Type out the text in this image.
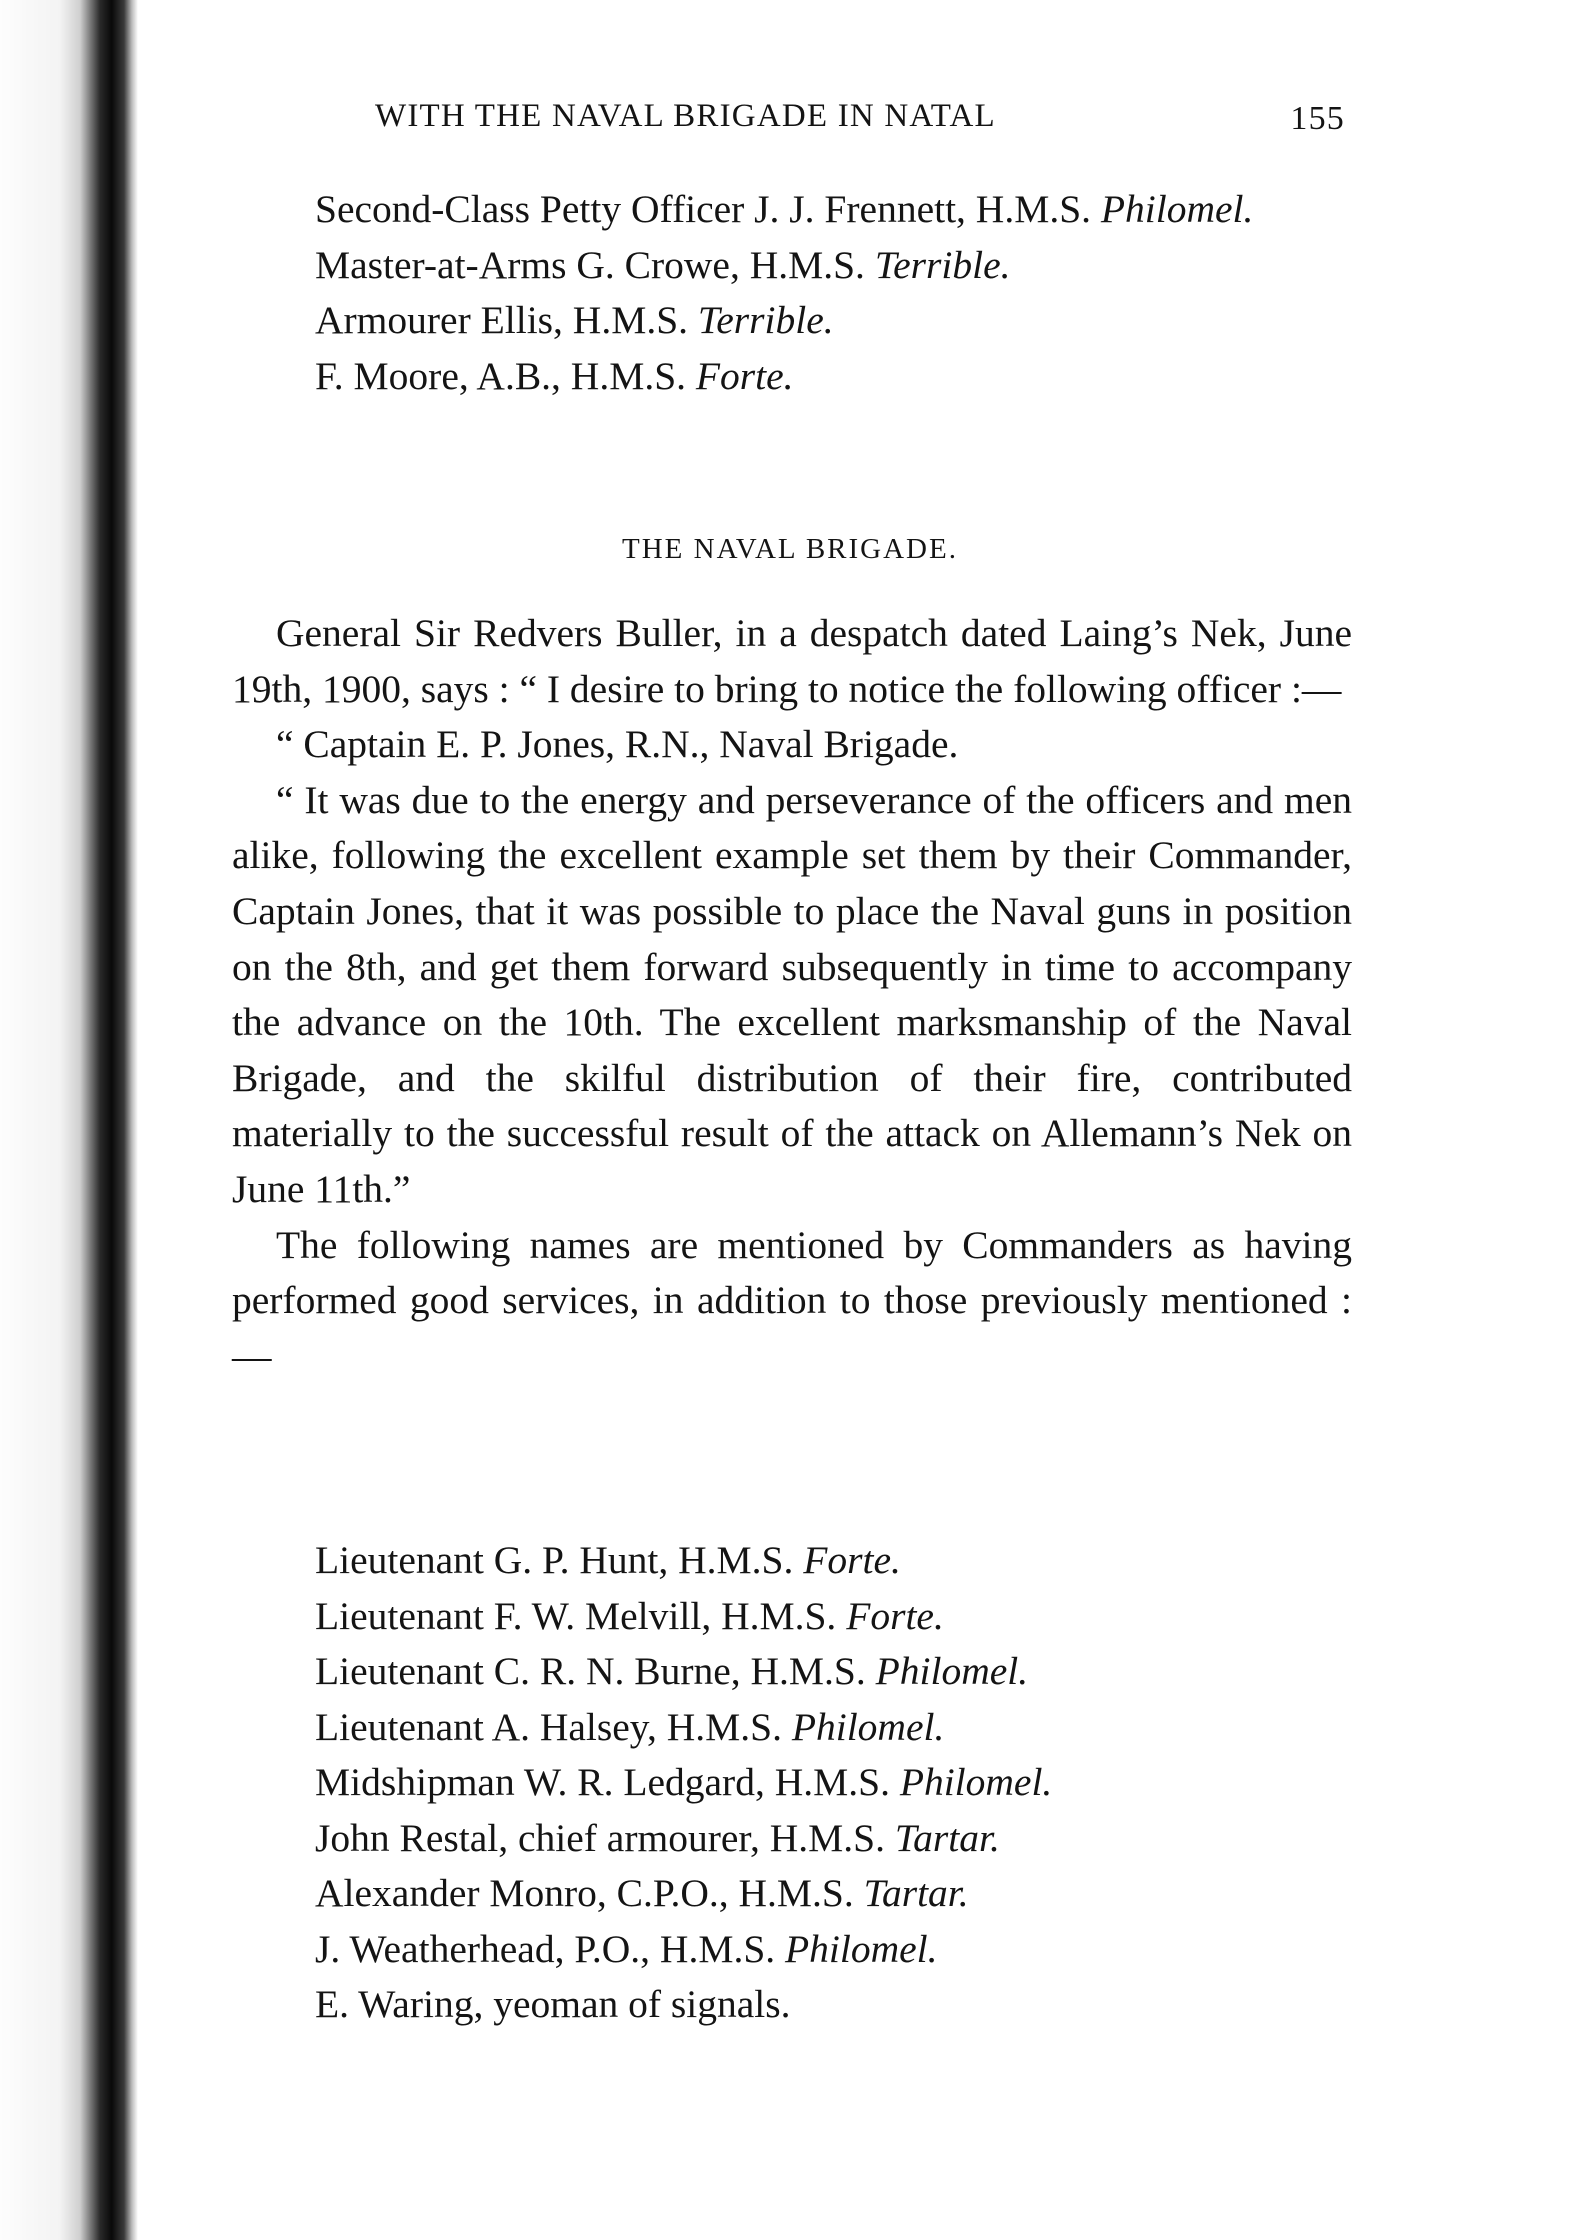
WITH THE NAVAL BRIGADE IN NATAL	155
Second-Class Petty Officer J. J. Frennett, H.M.S. Philomel.
Master-at-Arms G. Crowe, H.M.S. Terrible.
Armourer Ellis, H.M.S. Terrible.
F. Moore, A.B., H.M.S. Forte.
THE NAVAL BRIGADE.

General Sir Redvers Buller, in a despatch dated Laing’s Nek, June 19th, 1900, says : “ I desire to bring to notice the following officer :—

“ Captain E. P. Jones, R.N., Naval Brigade.

“ It was due to the energy and perseverance of the officers and men alike, following the excellent example set them by their Commander, Captain Jones, that it was possible to place the Naval guns in position on the 8th, and get them forward subsequently in time to accompany the advance on the 10th. The excellent marksmanship of the Naval Brigade, and the skilful distribution of their fire, contributed materially to the successful result of the attack on Allemann’s Nek on June 11th.”

The following names are mentioned by Commanders as having performed good services, in addition to those previously mentioned :—

Lieutenant G. P. Hunt, H.M.S. Forte.
Lieutenant F. W. Melvill, H.M.S. Forte.
Lieutenant C. R. N. Burne, H.M.S. Philomel.
Lieutenant A. Halsey, H.M.S. Philomel.
Midshipman W. R. Ledgard, H.M.S. Philomel.
John Restal, chief armourer, H.M.S. Tartar.
Alexander Monro, C.P.O., H.M.S. Tartar.
J. Weatherhead, P.O., H.M.S. Philomel.
E. Waring, yeoman of signals.
